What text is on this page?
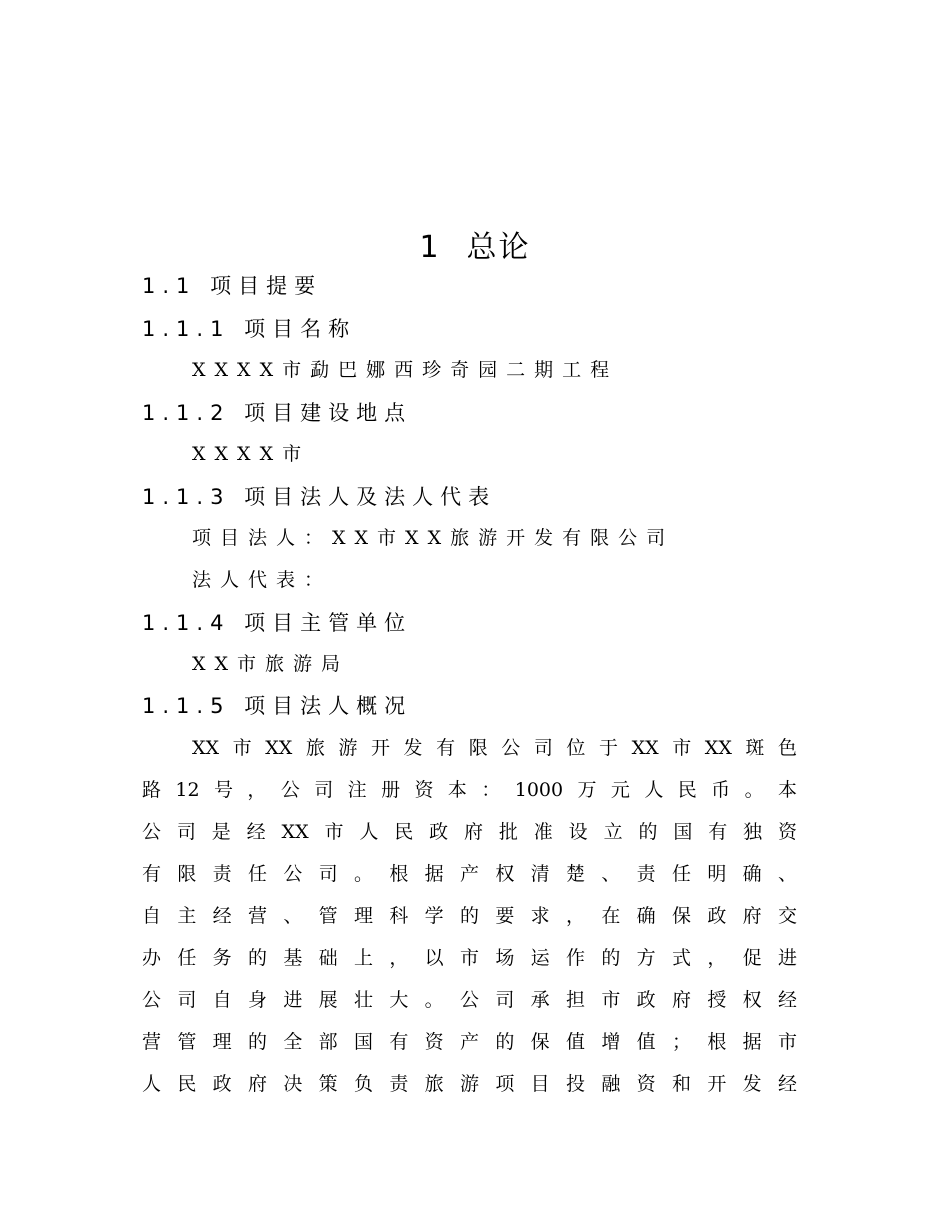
1 总论
1.1 项目提要
1.1.1 项目名称
XXXX市勐巴娜西珍奇园二期工程
1.1.2 项目建设地点
XXXX市
1.1.3 项目法人及法人代表
项目法人：XX市XX旅游开发有限公司
法人代表：
1.1.4 项目主管单位
XX市旅游局
1.1.5 项目法人概况
XX市XX旅游开发有限公司位于XX市XX斑色
路12号，公司注册资本：1000万元人民币。本
公司是经XX市人民政府批准设立的国有独资
有限责任公司。根据产权清楚、责任明确、
自主经营、管理科学的要求，在确保政府交
办任务的基础上，以市场运作的方式，促进
公司自身进展壮大。公司承担市政府授权经
营管理的全部国有资产的保值增值；根据市
人民政府决策负责旅游项目投融资和开发经
